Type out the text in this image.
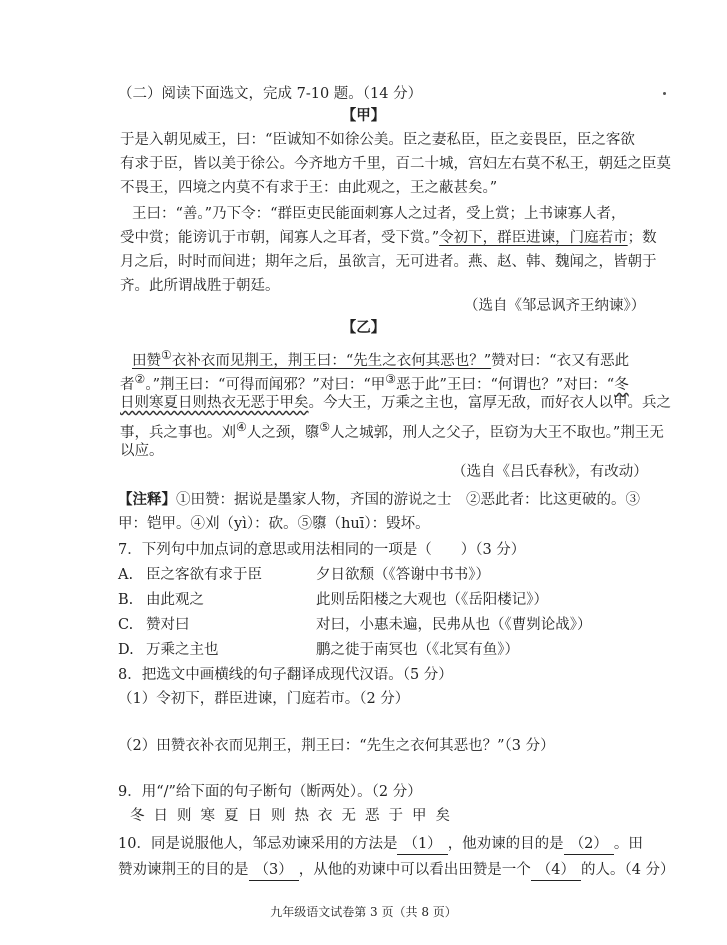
（二）阅读下面选文，完成 7-10 题。（14 分）
【甲】
于是入朝见威王，曰：“臣诚知不如徐公美。臣之妻私臣，臣之妾畏臣，臣之客欲
有求于臣，皆以美于徐公。今齐地方千里，百二十城，宫妇左右莫不私王，朝廷之臣莫
不畏王，四境之内莫不有求于王：由此观之，王之蔽甚矣。”
王曰：“善。”乃下令：“群臣吏民能面刺寡人之过者，受上赏；上书谏寡人者，
受中赏；能谤讥于市朝，闻寡人之耳者，受下赏。”令初下，群臣进谏，门庭若市；数
月之后，时时而间进；期年之后，虽欲言，无可进者。燕、赵、韩、魏闻之，皆朝于
齐。此所谓战胜于朝廷。
（选自《邹忌讽齐王纳谏》）
【乙】
田赞①衣补衣而见荆王，荆王曰：“先生之衣何其恶也？”赞对曰：“衣又有恶此
者②。”荆王曰：“可得而闻邪？”对曰：“甲③恶于此”王曰：“何谓也？”对曰：“冬
日则寒夏日则热衣无恶于甲矣。今大王，万乘之主也，富厚无敌，而好衣人以甲。兵之
事，兵之事也。刈④人之颈，隳⑤人之城郭，刑人之父子，臣窃为大王不取也。”荆王无
以应。
（选自《吕氏春秋》，有改动）
【注释】①田赞：据说是墨家人物，齐国的游说之士　②恶此者：比这更破的。③
甲：铠甲。④刈（yì）：砍。⑤隳（huī）：毁坏。
7．下列句中加点词的意思或用法相同的一项是（　　）（3 分）
A. 臣之客欲有求于臣	夕日欲颓（《答谢中书书》）
B. 由此观之	此则岳阳楼之大观也（《岳阳楼记》）
C. 赞对曰	对曰，小惠未遍，民弗从也（《曹刿论战》）
D. 万乘之主也	鹏之徙于南冥也（《北冥有鱼》）
8．把选文中画横线的句子翻译成现代汉语。（5 分）
（1）令初下，群臣进谏，门庭若市。（2 分）
（2）田赞衣补衣而见荆王，荆王曰：“先生之衣何其恶也？”（3 分）
9．用“/”给下面的句子断句（断两处）。（2 分）
冬日则寒夏日则热衣无恶于甲矣
10．同是说服他人，邹忌劝谏采用的方法是 （1） ，他劝谏的目的是 （2） 。田
赞劝谏荆王的目的是 （3） ，从他的劝谏中可以看出田赞是一个 （4） 的人。（4 分）
九年级语文试卷第 3 页（共 8 页）
